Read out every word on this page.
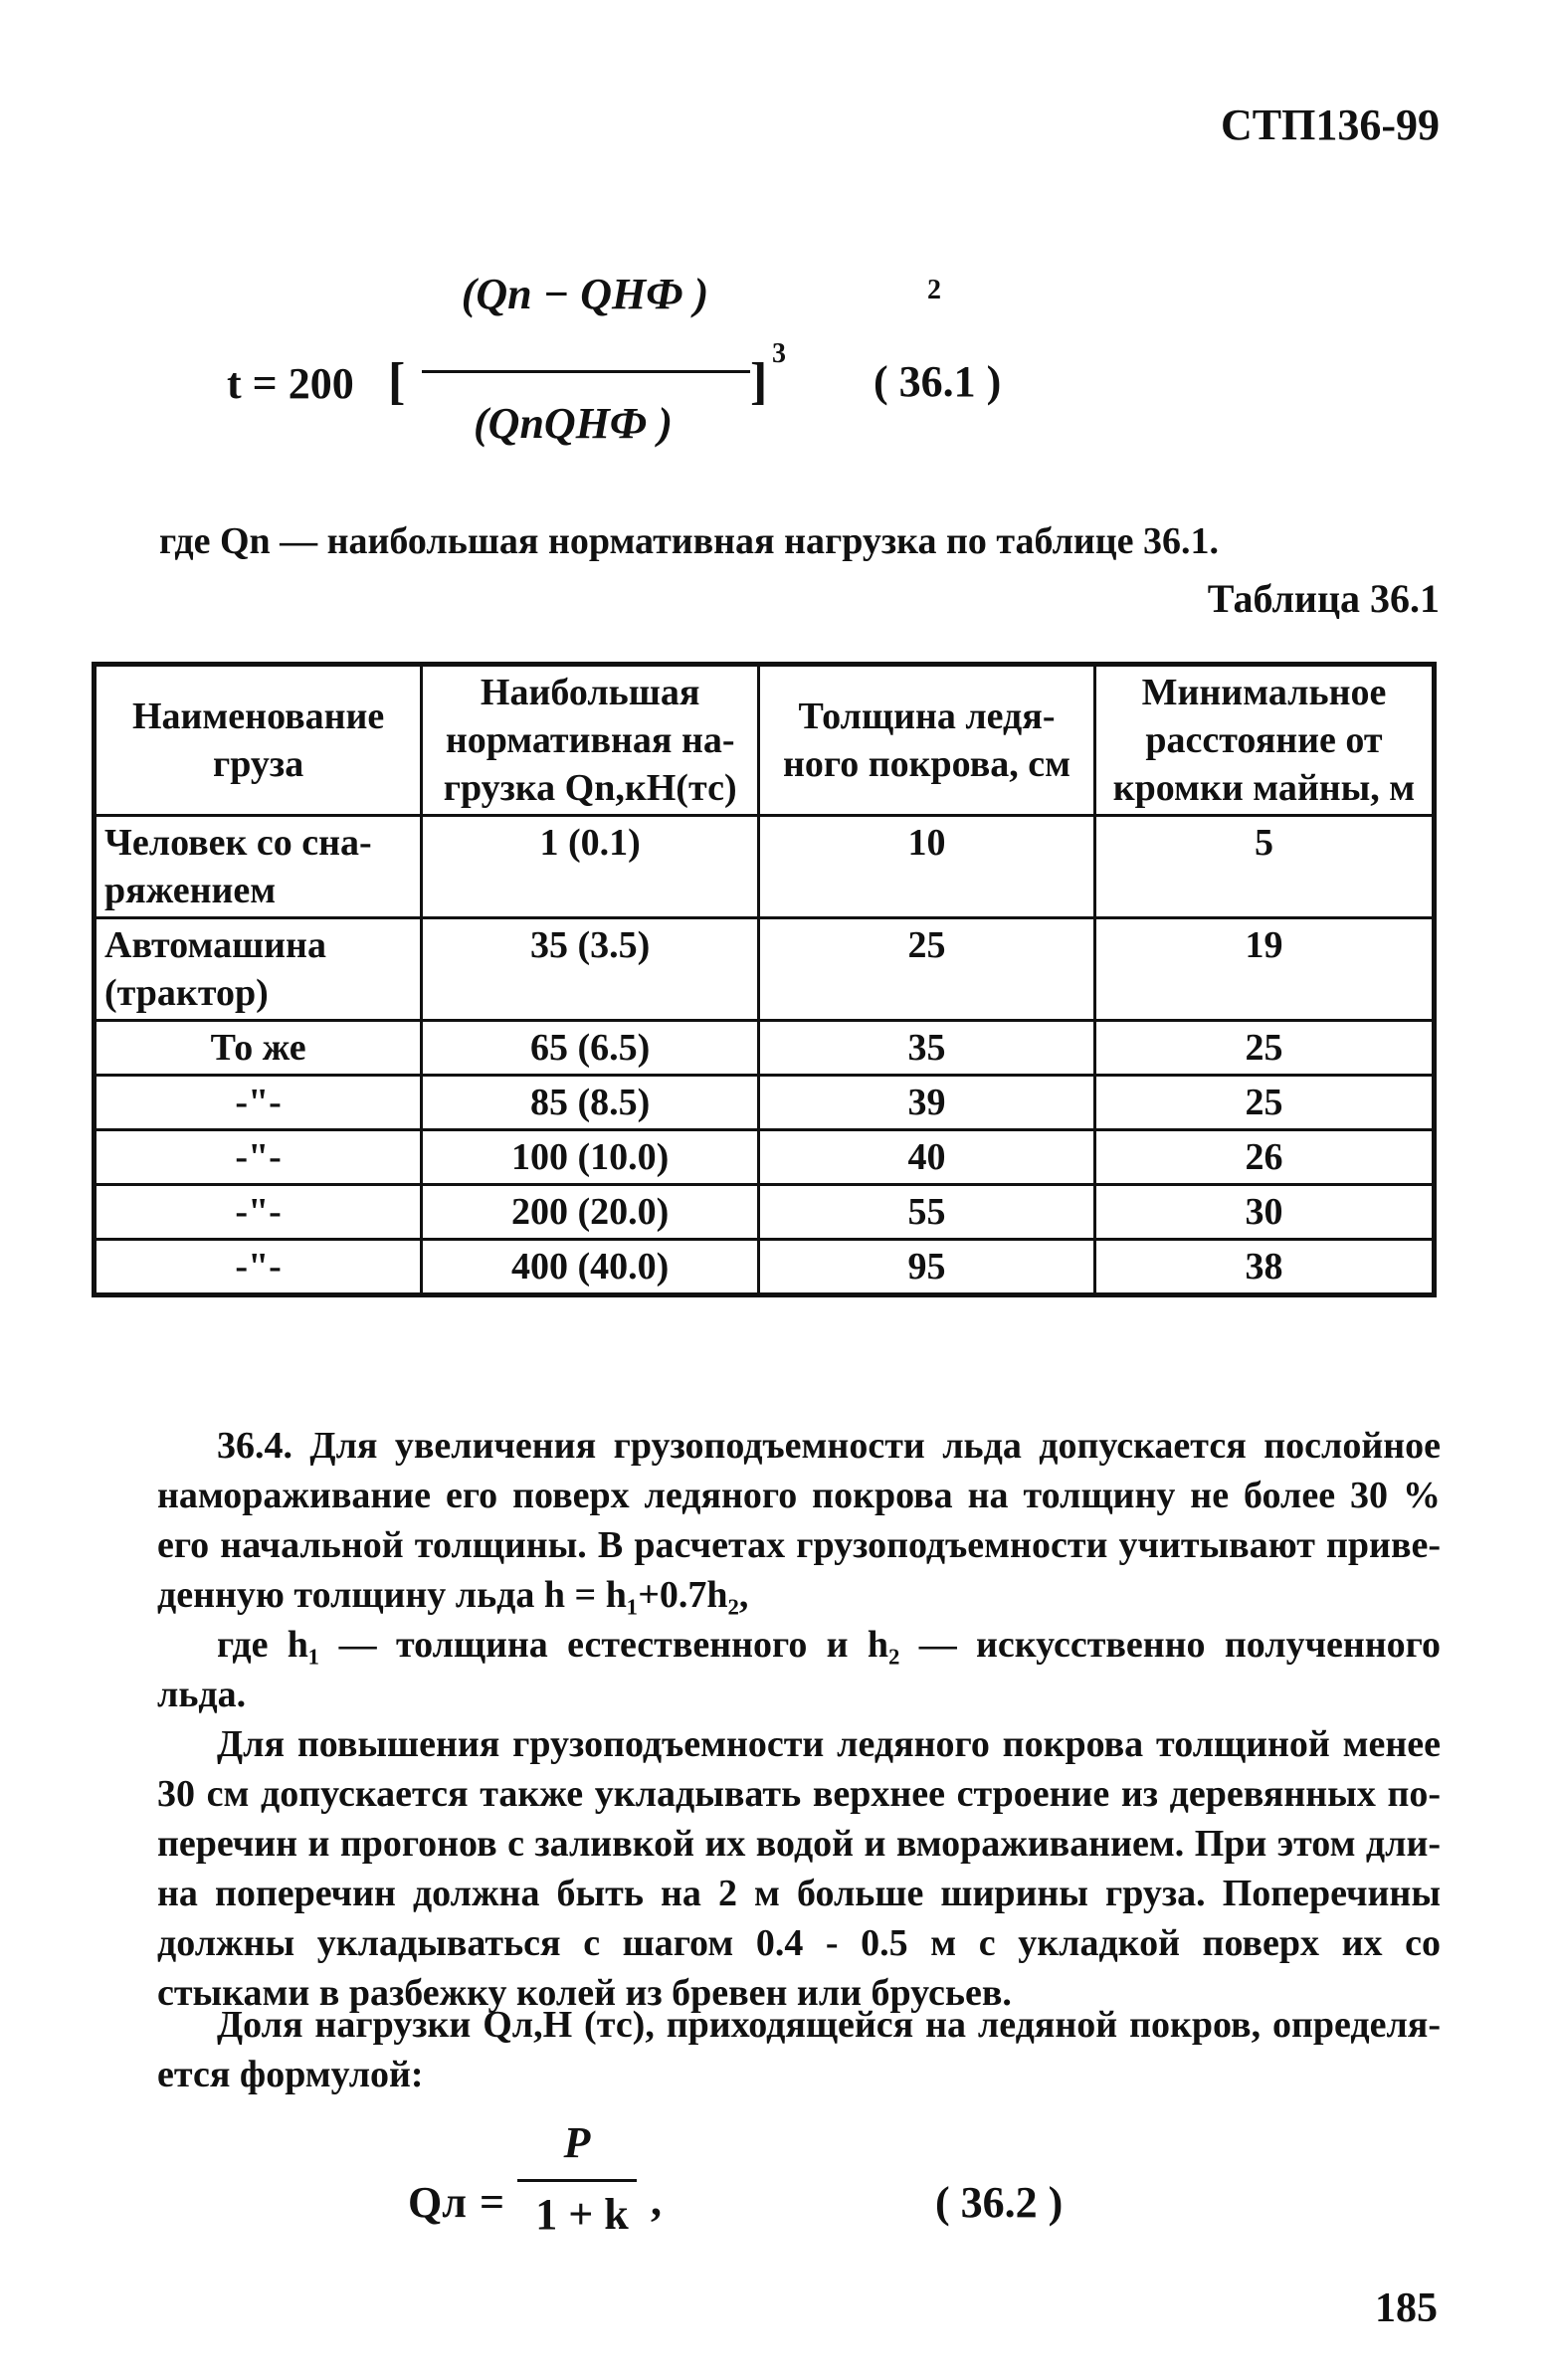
СТП136-99
t = 200 [
(Qn − QНФ )	2
(QnQНФ )
] 3
( 36.1 )
где Qn — наибольшая нормативная нагрузка по таблице 36.1.
Таблица 36.1
Наименование груза	Наибольшая нормативная на-грузка Qn,кН(тс)	Толщина ледя-ного покрова, см	Минимальное расстояние от кромки майны, м
Человек со сна-ряжением	1 (0.1)	10	5
Автомашина (трактор)	35 (3.5)	25	19
То же	65 (6.5)	35	25
-"-	85 (8.5)	39	25
-"-	100 (10.0)	40	26
-"-	200 (20.0)	55	30
-"-	400 (40.0)	95	38
36.4. Для увеличения грузоподъемности льда допускается послойное намораживание его поверх ледяного покрова на толщину не более 30 % его начальной толщины. В расчетах грузоподъемности учитывают приве-денную толщину льда h = h₁+0.7h₂,
где h₁ — толщина естественного и h₂ — искусственно полученного льда.
Для повышения грузоподъемности ледяного покрова толщиной менее 30 см допускается также укладывать верхнее строение из деревянных по-перечин и прогонов с заливкой их водой и вмораживанием. При этом дли-на поперечин должна быть на 2 м больше ширины груза. Поперечины должны укладываться с шагом 0.4 - 0.5 м с укладкой поверх их со стыками в разбежку колей из бревен или брусьев.
Доля нагрузки Qл,Н (тс), приходящейся на ледяной покров, определя-ется формулой:
Qл =
P
1 + k ,	( 36.2 )
185
